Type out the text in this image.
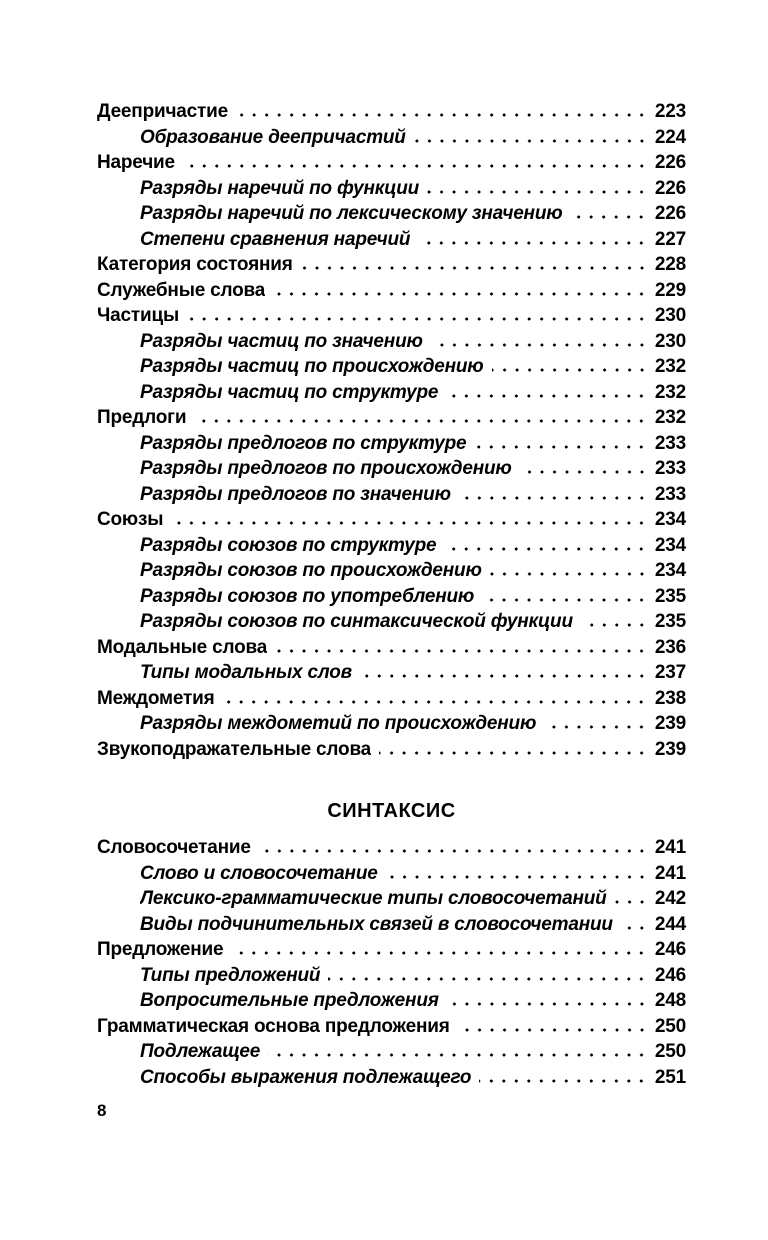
Деепричастие	223
Образование деепричастий	224
Наречие	226
Разряды наречий по функции	226
Разряды наречий по лексическому значению	226
Степени сравнения наречий	227
Категория состояния	228
Служебные слова	229
Частицы	230
Разряды частиц по значению	230
Разряды частиц по происхождению	232
Разряды частиц по структуре	232
Предлоги	232
Разряды предлогов по структуре	233
Разряды предлогов по происхождению	233
Разряды предлогов по значению	233
Союзы	234
Разряды союзов по структуре	234
Разряды союзов по происхождению	234
Разряды союзов по употреблению	235
Разряды союзов по синтаксической функции	235
Модальные слова	236
Типы модальных слов	237
Междометия	238
Разряды междометий по происхождению	239
Звукоподражательные слова	239
СИНТАКСИС
Словосочетание	241
Слово и словосочетание	241
Лексико-грамматические типы словосочетаний	242
Виды подчинительных связей в словосочетании 244
Предложение	246
Типы предложений	246
Вопросительные предложения	248
Грамматическая основа предложения	250
Подлежащее	250
Способы выражения подлежащего	251
8
